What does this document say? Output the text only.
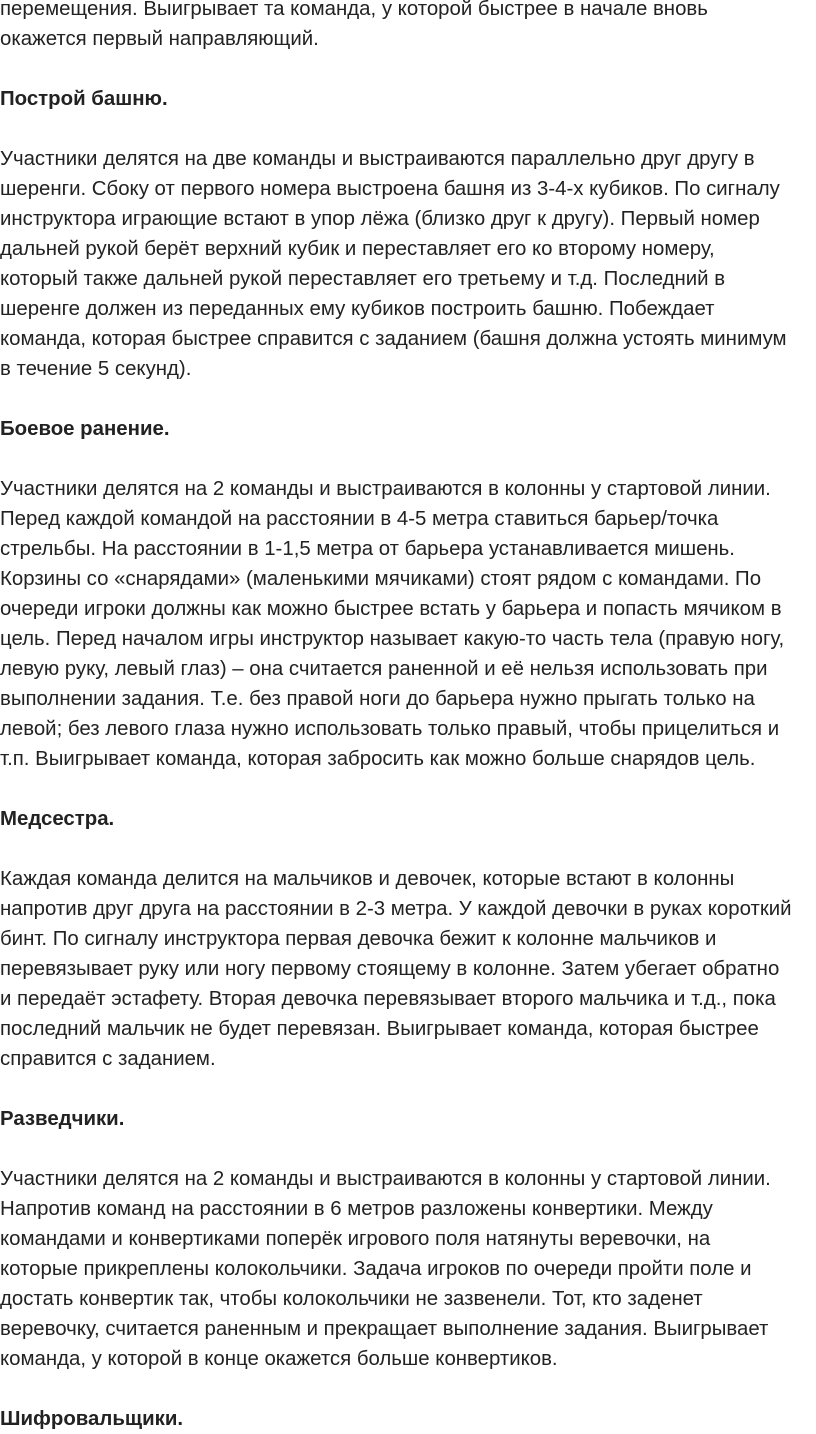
перемещения. Выигрывает та команда, у которой быстрее в начале вновь
окажется первый направляющий.

Построй башню.

Участники делятся на две команды и выстраиваются параллельно друг другу в
шеренги. Сбоку от первого номера выстроена башня из 3-4-х кубиков. По сигналу
инструктора играющие встают в упор лёжа (близко друг к другу). Первый номер
дальней рукой берёт верхний кубик и переставляет его ко второму номеру,
который также дальней рукой переставляет его третьему и т.д. Последний в
шеренге должен из переданных ему кубиков построить башню. Побеждает
команда, которая быстрее справится с заданием (башня должна устоять минимум
в течение 5 секунд).

Боевое ранение.

Участники делятся на 2 команды и выстраиваются в колонны у стартовой линии.
Перед каждой командой на расстоянии в 4-5 метра ставиться барьер/точка
стрельбы. На расстоянии в 1-1,5 метра от барьера устанавливается мишень.
Корзины со «снарядами» (маленькими мячиками) стоят рядом с командами. По
очереди игроки должны как можно быстрее встать у барьера и попасть мячиком в
цель. Перед началом игры инструктор называет какую-то часть тела (правую ногу,
левую руку, левый глаз) – она считается раненной и её нельзя использовать при
выполнении задания. Т.е. без правой ноги до барьера нужно прыгать только на
левой; без левого глаза нужно использовать только правый, чтобы прицелиться и
т.п. Выигрывает команда, которая забросить как можно больше снарядов цель.

Медсестра.

Каждая команда делится на мальчиков и девочек, которые встают в колонны
напротив друг друга на расстоянии в 2-3 метра. У каждой девочки в руках короткий
бинт. По сигналу инструктора первая девочка бежит к колонне мальчиков и
перевязывает руку или ногу первому стоящему в колонне. Затем убегает обратно
и передаёт эстафету. Вторая девочка перевязывает второго мальчика и т.д., пока
последний мальчик не будет перевязан. Выигрывает команда, которая быстрее
справится с заданием.

Разведчики.

Участники делятся на 2 команды и выстраиваются в колонны у стартовой линии.
Напротив команд на расстоянии в 6 метров разложены конвертики. Между
командами и конвертиками поперёк игрового поля натянуты веревочки, на
которые прикреплены колокольчики. Задача игроков по очереди пройти поле и
достать конвертик так, чтобы колокольчики не зазвенели. Тот, кто заденет
веревочку, считается раненным и прекращает выполнение задания. Выигрывает
команда, у которой в конце окажется больше конвертиков.

Шифровальщики.
